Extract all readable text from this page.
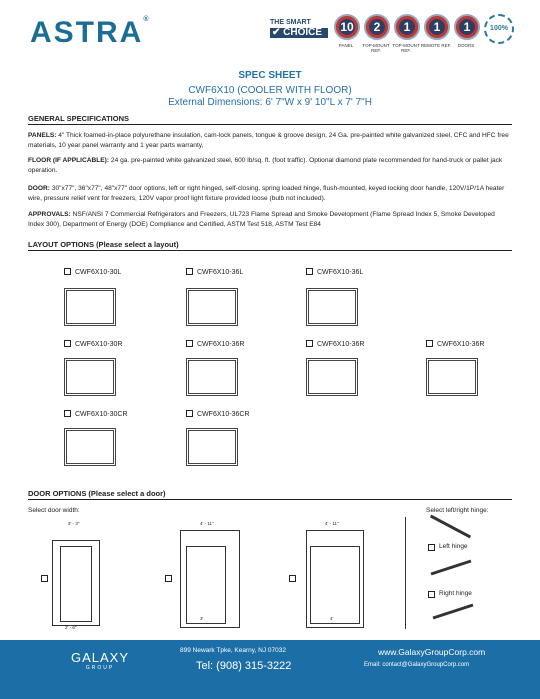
ASTRA®	THE SMART
✔ CHOICE	10	2	1	1	1
PANEL	TOP-MOUNT REF.
TOP-MOUNT REF.
REMOTE REF.	DOORS
100%
SPEC SHEET
CWF6X10 (COOLER WITH FLOOR)
External Dimensions: 6' 7"W x 9' 10"L x 7' 7"H
GENERAL SPECIFICATIONS
PANELS: 4" Thick foamed-in-place polyurethane insulation, cam-lock panels, tongue & groove design, 24 Ga. pre-painted white galvanized steel, CFC and HFC free materials, 10 year panel warranty and 1 year parts warranty,
FLOOR (IF APPLICABLE): 24 ga. pre-painted white galvanized steel, 600 lb/sq. ft. (foot traffic). Optional diamond plate recommended for hand-truck or pallet jack operation.
DOOR: 30"x77", 36"x77", 48"x77" door options, left or right hinged, self-closing, spring loaded hinge, flush-mounted, keyed locking door handle, 120V/1P/1A heater wire, pressure relief vent for freezers, 120V vapor proof light fixture provided loose (bulb not included).
APPROVALS: NSF/ANSI 7 Commercial Refrigerators and Freezers, UL723 Flame Spread and Smoke Development (Flame Spread Index 5, Smoke Developed Index 300), Department of Energy (DOE) Compliance and Certified, ASTM Test 518, ASTM Test E84
LAYOUT OPTIONS (Please select a layout)
CWF6X10-30L	CWF6X10-36L	CWF6X10-36L
CWF6X10-30R	CWF6X10-36R	CWF6X10-36R	CWF6X10-36R
CWF6X10-30CR	CWF6X10-36CR
DOOR OPTIONS (Please select a door)
Select door width:	Select left/right hinge:
3' - 3"
2' - 6"
4' - 11"
3'
4' - 11"
4'
Left hinge
Right hinge
GALAXY
GROUP
899 Newark Tpke, Kearny, NJ 07032
Tel: (908) 315-3222
www.GalaxyGroupCorp.com
Email: contact@GalaxyGroupCorp.com
